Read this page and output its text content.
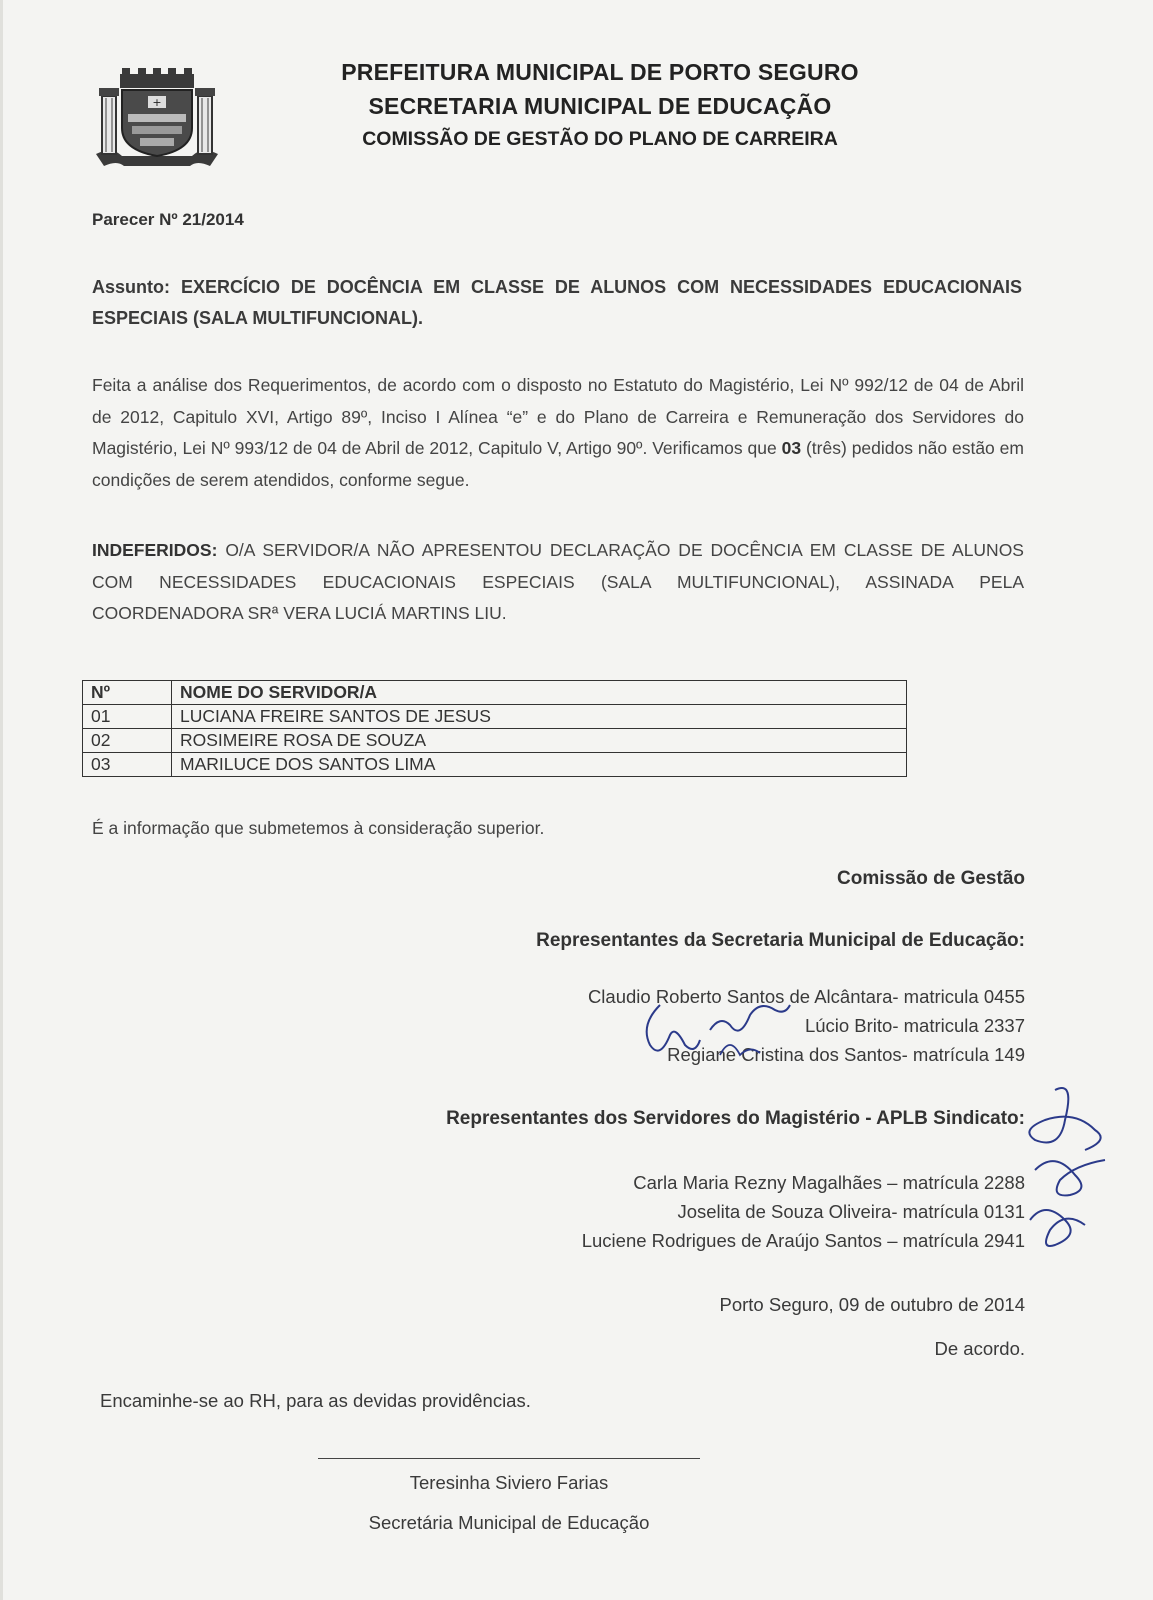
+

PREFEITURA MUNICIPAL DE PORTO SEGURO

SECRETARIA MUNICIPAL DE EDUCAÇÃO

COMISSÃO DE GESTÃO DO PLANO DE CARREIRA

Parecer Nº 21/2014
Assunto: EXERCÍCIO DE DOCÊNCIA EM CLASSE DE ALUNOS COM NECESSIDADES EDUCACIONAIS ESPECIAIS (SALA MULTIFUNCIONAL).
Feita a análise dos Requerimentos, de acordo com o disposto no Estatuto do Magistério, Lei Nº 992/12 de 04 de Abril de 2012, Capitulo XVI, Artigo 89º, Inciso I Alínea “e” e do Plano de Carreira e Remuneração dos Servidores do Magistério, Lei Nº 993/12 de 04 de Abril de 2012, Capitulo V, Artigo 90º. Verificamos que 03 (três) pedidos não estão em condições de serem atendidos, conforme segue.
INDEFERIDOS: O/A SERVIDOR/A NÃO APRESENTOU DECLARAÇÃO DE DOCÊNCIA EM CLASSE DE ALUNOS COM NECESSIDADES EDUCACIONAIS ESPECIAIS (SALA MULTIFUNCIONAL), ASSINADA PELA COORDENADORA SRª VERA LUCIÁ MARTINS LIU.
Nº	NOME DO SERVIDOR/A
01	LUCIANA FREIRE SANTOS DE JESUS
02	ROSIMEIRE ROSA DE SOUZA
03	MARILUCE DOS SANTOS LIMA
É a informação que submetemos à consideração superior.
Comissão de Gestão
Representantes da Secretaria Municipal de Educação:
Claudio Roberto Santos de Alcântara- matricula 0455
Lúcio Brito- matricula 2337
Regiane Cristina dos Santos- matrícula 149
Representantes dos Servidores do Magistério - APLB Sindicato:
Carla Maria Rezny Magalhães – matrícula 2288
Joselita de Souza Oliveira- matrícula 0131
Luciene Rodrigues de Araújo Santos – matrícula 2941
Porto Seguro, 09 de outubro de 2014
De acordo.
Encaminhe-se ao RH, para as devidas providências.
Teresinha Siviero Farias
Secretária Municipal de Educação
